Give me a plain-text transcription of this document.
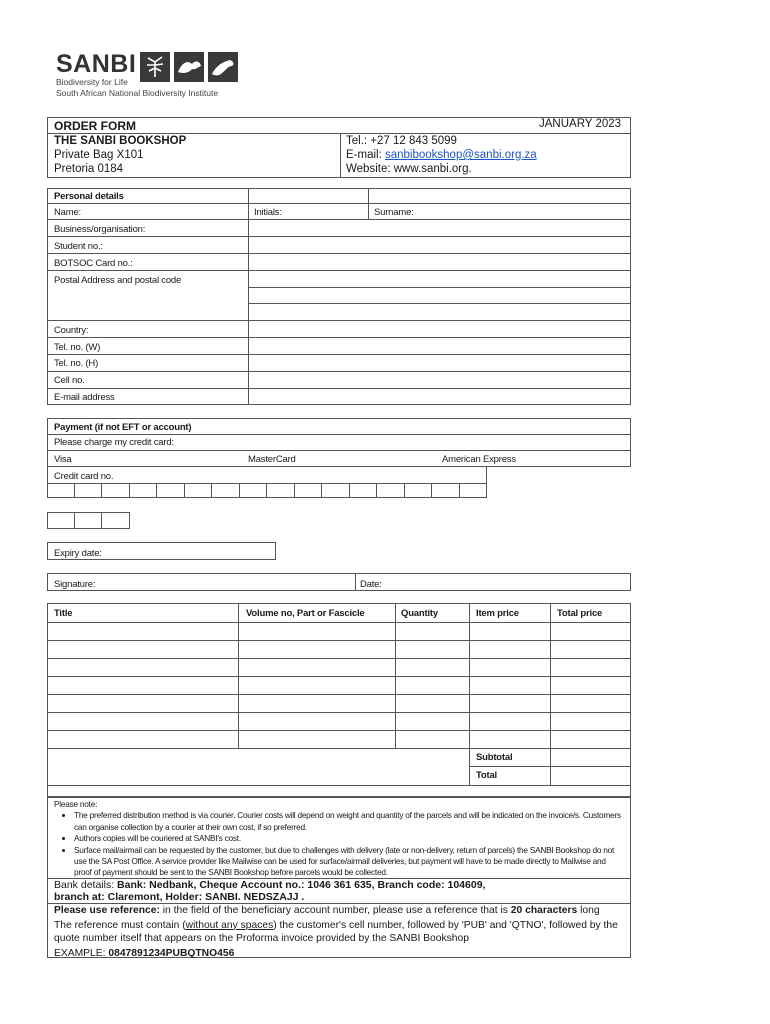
SANBI
Biodiversity for Life
South African National Biodiversity Institute
ORDER FORM	JANUARY 2023
THE SANBI BOOKSHOP
Private Bag X101
Pretoria 0184
Tel.: +27 12 843 5099
E-mail: sanbibookshop@sanbi.org.za
Website: www.sanbi.org.
Personal details
Name:	Initials:	Surname:
Business/organisation:
Student no.:
BOTSOC Card no.:
Postal Address and postal code
Country:
Tel. no. (W)
Tel. no. (H)
Cell no.
E-mail address
Payment (if not EFT or account)
Please charge my credit card:
Visa	MasterCard	American Express
Credit card no.
Expiry date:
Signature:	Date:
Title	Volume no, Part or Fascicle	Quantity	Item price	Total price
Subtotal
Total
Please note:
• The preferred distribution method is via courier. Courier costs will depend on weight and quantity of the parcels and will be indicated on the invoice/s. Customers can organise collection by a courier at their own cost, if so preferred.
• Authors copies will be couriered at SANBI's cost.
• Surface mail/airmail can be requested by the customer, but due to challenges with delivery (late or non-delivery, return of parcels) the SANBI Bookshop do not use the SA Post Office. A service provider like Mailwise can be used for surface/airmail deliveries, but payment will have to be made directly to Mailwise and proof of payment should be sent to the SANBI Bookshop before parcels would be collected.
Bank details: Bank: Nedbank, Cheque Account no.: 1046 361 635, Branch code: 104609,
branch at: Claremont, Holder: SANBI. NEDSZAJJ .
Please use reference: in the field of the beneficiary account number, please use a reference that is 20 characters long
The reference must contain (without any spaces) the customer's cell number, followed by 'PUB' and 'QTNO', followed by the quote number itself that appears on the Proforma invoice provided by the SANBI Bookshop
EXAMPLE: 0847891234PUBQTNO456
